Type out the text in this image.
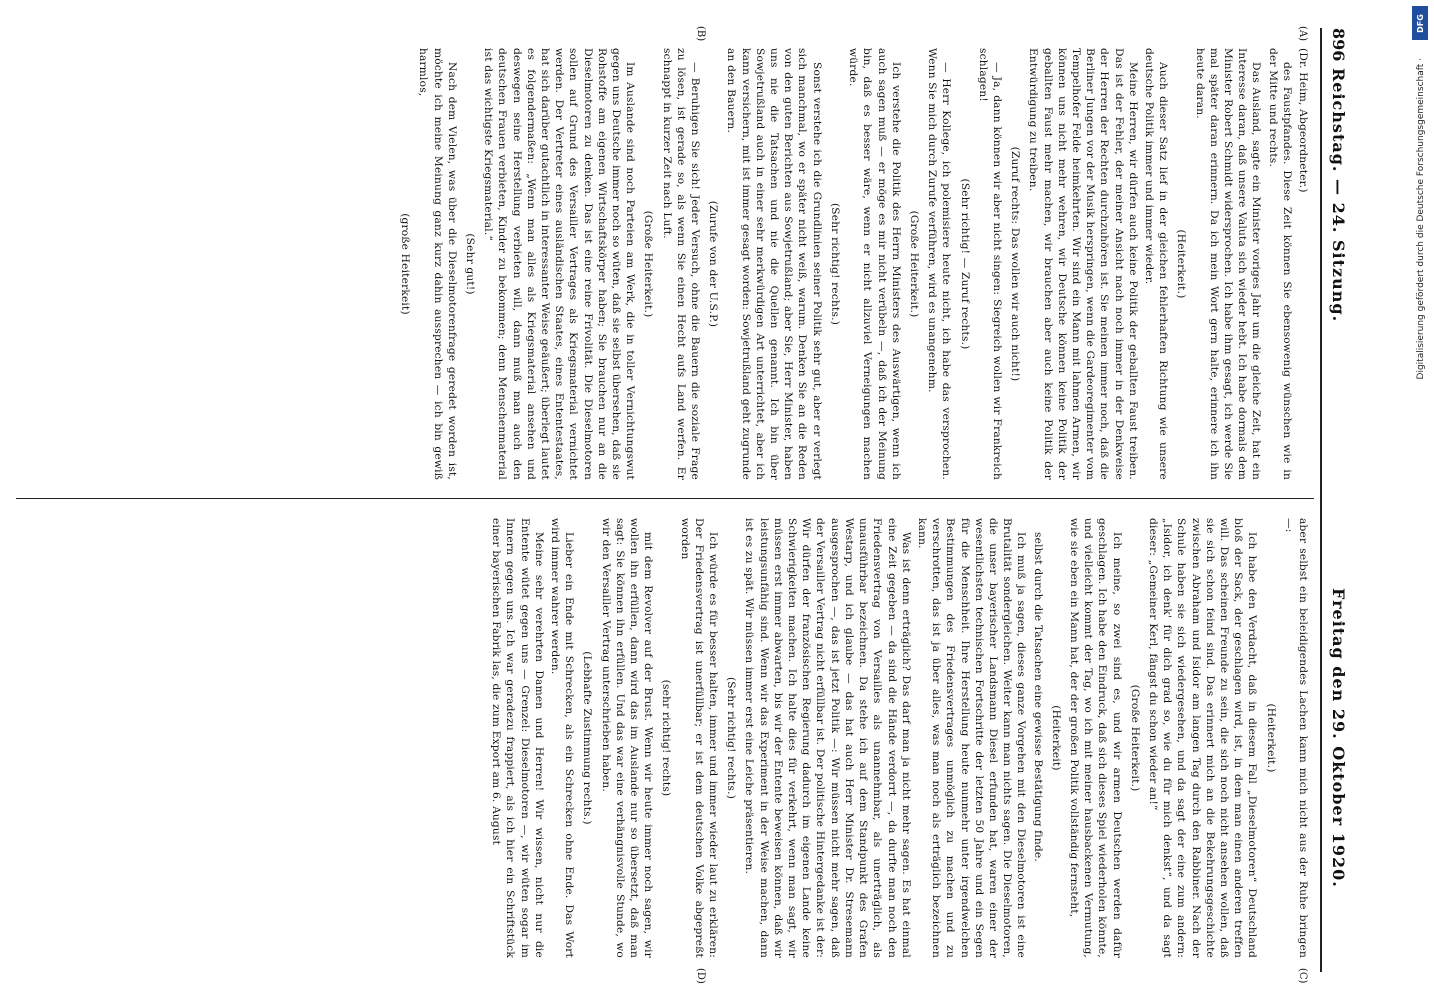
896
Reichstag. — 24. Sitzung.
Freitag den 29. Oktober 1920.
(A)
(B)
(C)
(D)

(Dr. Heim, Abgeordneter.)

des Faustpfandes. Diese Zeit können Sie ebensowenig wünschen wie in der Mitte und rechts.

Das Ausland, sagte ein Minister voriges Jahr um die gleiche Zeit, hat ein Interesse daran, daß unsere Valuta sich wieder hebt. Ich habe dormals dem Minister Robert Schmidt widersprochen. Ich habe ihm gesagt, ich werde Sie mal später daran erinnern. Da ich mein Wort gern halte, erinnere ich ihn heute daran.

(Heiterkeit.)

Auch dieser Satz lief in der gleichen fehlerhaften Richtung wie unsere deutsche Politik immer und immer wieder.

Meine Herren, wir dürfen auch keine Politik der geballten Faust treiben. Das ist der Fehler, der meiner Ansicht nach noch immer in der Denkweise der Herren der Rechten durchzuhören ist. Sie meinen immer noch, daß die Berliner Jungen vor der Musik herspringen, wenn die Gardeoregimenter vom Tempelhofer Felde heimkehrten. Wir sind ein Mann mit lahmen Armen, wir können uns nicht mehr wehren, wir Deutsche können keine Politik der geballten Faust mehr machen, wir brauchen aber auch keine Politik der Entwürdigung zu treiben.

(Zuruf rechts: Das wollen wir auch nicht!)

— Ja, dann können wir aber nicht singen: Siegreich wollen wir Frankreich schlagen!

(Sehr richtig! — Zuruf rechts.)

— Herr Kollege, ich polemisiere heute nicht, ich habe das versprochen. Wenn Sie mich durch Zurufe verführen, wird es unangenehm.

(Große Heiterkeit.)

Ich verstehe die Politik des Herrn Ministers des Auswärtigen, wenn ich auch sagen muß — er möge es mir nicht verübeln —, daß ich der Meinung bin, daß es besser wäre, wenn er nicht allzuviel Verneigungen machen würde.

(Sehr richtig! rechts.)

Sonst verstehe ich die Grundlinien seiner Politik sehr gut, aber er verlegt sich manchmal, wo er später nicht weiß, warum. Denken Sie an die Reden von den guten Berichten aus Sowjetrußland; aber Sie, Herr Minister, haben uns nie die Tatsachen und nie die Quellen genannt. Ich bin über Sowjetrußland auch in einer sehr merkwürdigen Art unterrichtet, aber ich kann versichern, mit ist immer gesagt worden: Sowjetrußland geht zugrunde an den Bauern.

(Zurufe von der U.S.P.)

— Beruhigen Sie sich! Jeder Versuch, ohne die Bauern die soziale Frage zu lösen, ist gerade so, als wenn Sie einen Hecht aufs Land werfen. Er schnappt in kurzer Zeit nach Luft.

(Große Heiterkeit.)

Im Auslande sind noch Parteien am Werk, die in toller Vernichtungswut gegen uns Deutsche immer noch so wüten, daß sie selbst übersehen, daß sie Rohstoffe am eigenen Wirtschaftskörper haben; Sie brauchen nur an die Dieselmotoren zu denken. Das ist eine reine Frivolität. Die Dieselmotoren sollen auf Grund des Versailler Vertrages als Kriegsmaterial vernichtet werden. Der Vertreter eines ausländischen Staates, eines Ententestaates, hat sich darüber gutachtlich in interessanter Weise geäußert; überlegt lautet es folgendermaßen: „Wenn man alles als Kriegsmaterial ansehen und deswegen seine Herstellung verbieten will, dann muß man auch den deutschen Frauen verbieten, Kinder zu bekommen; denn Menschenmaterial ist das wichtigste Kriegsmaterial.“

(Sehr gut!)

Nach dem Vielen, was über die Dieselmotorenfrage geredet worden ist, möchte ich meine Meinung ganz kurz dahin aussprechen — ich bin gewiß harmlos,

(große Heiterkeit)

aber selbst ein beleidigendes Lachen kann mich nicht aus der Ruhe bringen —:

(Heiterkeit.)

Ich habe den Verdacht, daß in diesem Fall „Dieselmotoren“ Deutschland bloß der Sack, der geschlagen wird, ist, in dem man einen anderen treffen will. Das scheinen Freunde zu sein, die sich noch nicht ansehen wollen, daß sie sich schon feind sind. Das erinnert mich an die Bekehrungsgeschichte zwischen Abraham und Isidor am langen Tag durch den Rabbiner. Nach der Schule haben sie sich wiedergesehen, und da sagt der eine zum andern: „Isidor, ich denk' für dich grad so, wie du für mich denkst“, und da sagt dieser: „Gemeiner Kerl, fängst du schon wieder an!“

(Große Heiterkeit.)

Ich meine, so zwei sind es, und wir armen Deutschen werden dafür geschlagen. Ich habe den Eindruck, daß sich dieses Spiel wiederholen könnte, und vielleicht kommt der Tag, wo ich mit meiner hausbackenen Vermutung, wie sie eben ein Mann hat, der der großen Politik vollständig fernsteht,

(Heiterkeit)

selbst durch die Tatsachen eine gewisse Bestätigung finde.

Ich muß ja sagen, dieses ganze Vorgehen mit den Dieselmotoren ist eine Brutalität sondergleichen. Weiter kann man nichts sagen. Die Dieselmotoren, die unser bayerischer Landsmann Diesel erfunden hat, waren einer der wesentlichsten technischen Fortschritte der letzten 50 Jahre und ein Segen für die Menschheit. Ihre Herstellung heute nunmehr unter irgendwelchen Bestimmungen des Friedensvertrages unmöglich zu machen und zu verschrotten, das ist ja über alles, was man noch als erträglich bezeichnen kann.

Was ist denn erträglich? Das darf man ja nicht mehr sagen. Es hat einmal eine Zeit gegeben — da sind die Hände verdorrt —, da durfte man noch den Friedensvertrag von Versailles als unannehmbar, als unerträglich, als unausführbar bezeichnen. Da stehe ich auf dem Standpunkt des Grafen Westarp, und ich glaube — das hat auch Herr Minister Dr. Stresemann ausgesprochen —, das ist jetzt Politik —: Wir müssen nicht mehr sagen, daß der Versailler Vertrag nicht erfüllbar ist. Der politische Hintergedanke ist der: Wir dürfen der französischen Regierung dadurch im eigenen Lande keine Schwierigkeiten machen. Ich halte dies für verkehrt, wenn man sagt, wir müssen erst immer abwarten, bis wir der Entente beweisen können, daß wir leistungsunfähig sind. Wenn wir das Experiment in der Weise machen, dann ist es zu spät. Wir müssen immer erst eine Leiche präsentieren.

(Sehr richtig! rechts.)

Ich würde es für besser halten, immer und immer wieder laut zu erklären: Der Friedensvertrag ist unerfüllbar; er ist dem deutschen Volke abgepreßt worden

(sehr richtig! rechts)

mit dem Revolver auf der Brust. Wenn wir heute immer noch sagen, wir wollen ihn erfüllen, dann wird das im Auslande nur so übersetzt, daß man sagt: Sie können ihn erfüllen. Und das war eine verhängnisvolle Stunde, wo wir den Versailler Vertrag unterschrieben haben.

(Lebhafte Zustimmung rechts.)

Lieber ein Ende mit Schrecken, als ein Schrecken ohne Ende. Das Wort wird immer wahrer werden.

Meine sehr verehrten Damen und Herren! Wir wissen, nicht nur die Entente wütet gegen uns — Grenzel: Dieselmotoren —, wir wüten sogar im Innern gegen uns. Ich war geradezu frappiert, als ich hier ein Schriftstück einer bayerischen Fabrik las, die zum Export am 6. August

Digitalisierung gefördert durch die Deutsche Forschungsgemeinschaft ·
DFG
